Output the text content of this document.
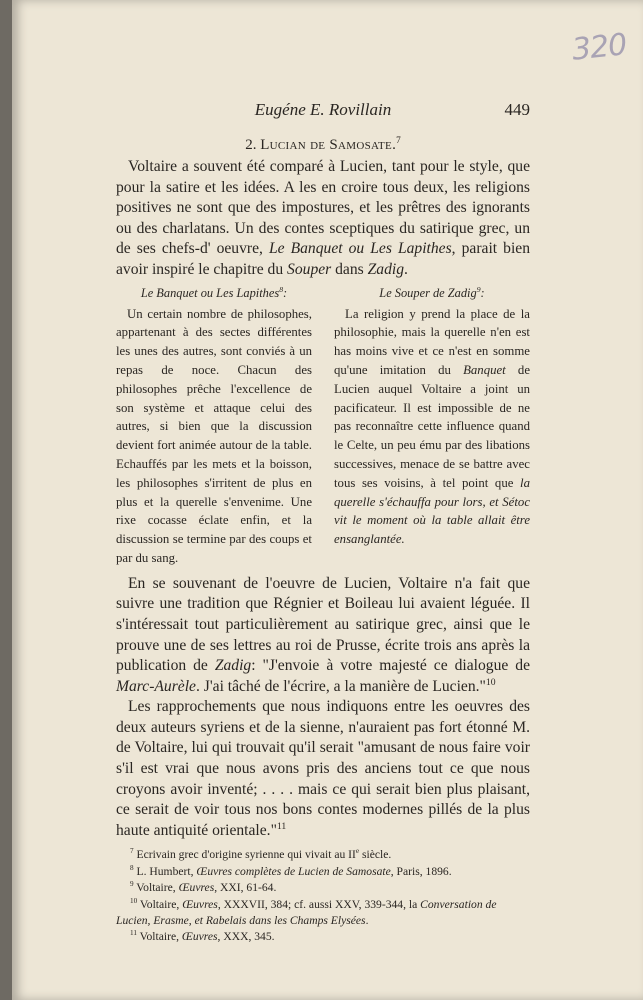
320
Eugéne E. Rovillain	449
2. Lucian de Samosate.$^7$

Voltaire a souvent été comparé à Lucien, tant pour le style, que pour la satire et les idées. A les en croire tous deux, les religions positives ne sont que des impostures, et les prêtres des ignorants ou des charlatans. Un des contes sceptiques du satirique grec, un de ses chefs-d' oeuvre, Le Banquet ou Les Lapithes, parait bien avoir inspiré le chapitre du Souper dans Zadig.

Le Banquet ou Les Lapithes$^8$:

Un certain nombre de philosophes, appartenant à des sectes différentes les unes des autres, sont conviés à un repas de noce. Chacun des philosophes prêche l'excellence de son système et attaque celui des autres, si bien que la discussion devient fort animée autour de la table. Echauffés par les mets et la boisson, les philosophes s'irritent de plus en plus et la querelle s'envenime. Une rixe cocasse éclate enfin, et la discussion se termine par des coups et par du sang.

Le Souper de Zadig$^9$:

La religion y prend la place de la philosophie, mais la querelle n'en est has moins vive et ce n'est en somme qu'une imitation du Banquet de Lucien auquel Voltaire a joint un pacificateur. Il est impossible de ne pas reconnaître cette influence quand le Celte, un peu ému par des libations successives, menace de se battre avec tous ses voisins, à tel point que la querelle s'échauffa pour lors, et Sétoc vit le moment où la table allait être ensanglantée.

En se souvenant de l'oeuvre de Lucien, Voltaire n'a fait que suivre une tradition que Régnier et Boileau lui avaient léguée. Il s'intéressait tout particulièrement au satirique grec, ainsi que le prouve une de ses lettres au roi de Prusse, écrite trois ans après la publication de Zadig: "J'envoie à votre majesté ce dialogue de Marc-Aurèle. J'ai tâché de l'écrire, a la manière de Lucien."$^{10}$

Les rapprochements que nous indiquons entre les oeuvres des deux auteurs syriens et de la sienne, n'auraient pas fort étonné M. de Voltaire, lui qui trouvait qu'il serait "amusant de nous faire voir s'il est vrai que nous avons pris des anciens tout ce que nous croyons avoir inventé; . . . . mais ce qui serait bien plus plaisant, ce serait de voir tous nos bons contes modernes pillés de la plus haute antiquité orientale."$^{11}$

$^7$ Ecrivain grec d'origine syrienne qui vivait au IIe siècle.

$^8$ L. Humbert, Œuvres complètes de Lucien de Samosate, Paris, 1896.

$^9$ Voltaire, Œuvres, XXI, 61-64.

$^{10}$ Voltaire, Œuvres, XXXVII, 384; cf. aussi XXV, 339-344, la Conversation de Lucien, Erasme, et Rabelais dans les Champs Elysées.

$^{11}$ Voltaire, Œuvres, XXX, 345.
